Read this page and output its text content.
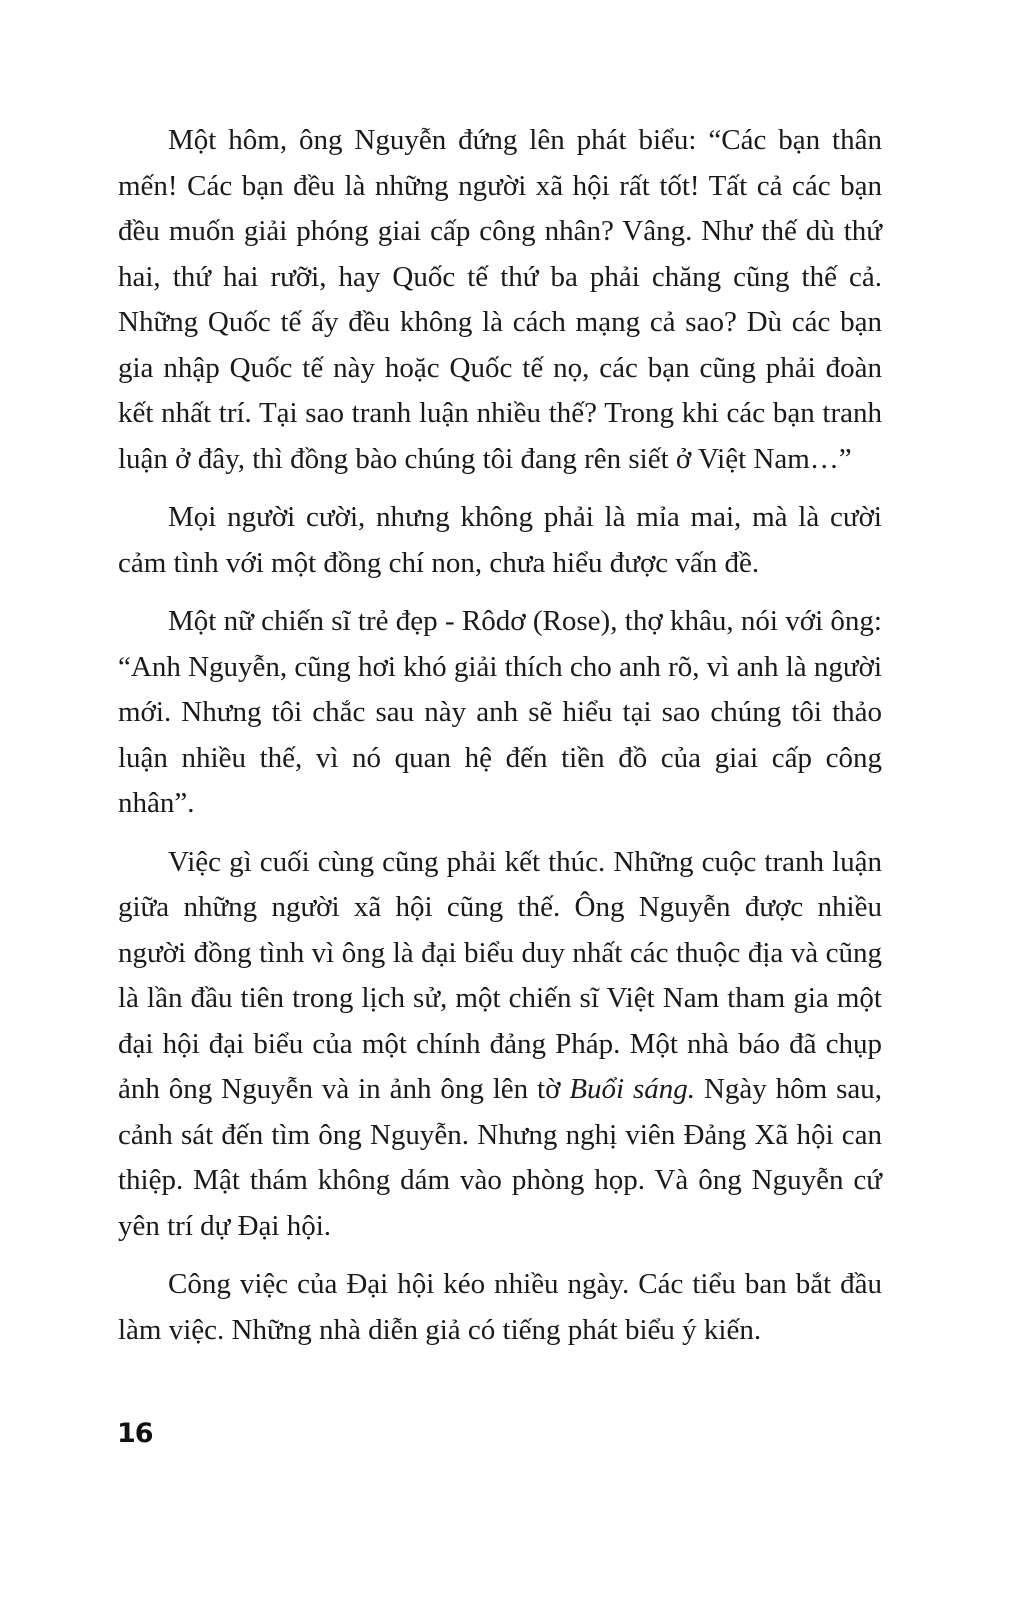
Một hôm, ông Nguyễn đứng lên phát biểu: “Các bạn thân mến! Các bạn đều là những người xã hội rất tốt! Tất cả các bạn đều muốn giải phóng giai cấp công nhân? Vâng. Như thế dù thứ hai, thứ hai rưỡi, hay Quốc tế thứ ba phải chăng cũng thế cả. Những Quốc tế ấy đều không là cách mạng cả sao? Dù các bạn gia nhập Quốc tế này hoặc Quốc tế nọ, các bạn cũng phải đoàn kết nhất trí. Tại sao tranh luận nhiều thế? Trong khi các bạn tranh luận ở đây, thì đồng bào chúng tôi đang rên siết ở Việt Nam…”

Mọi người cười, nhưng không phải là mỉa mai, mà là cười cảm tình với một đồng chí non, chưa hiểu được vấn đề.

Một nữ chiến sĩ trẻ đẹp - Rôdơ (Rose), thợ khâu, nói với ông: “Anh Nguyễn, cũng hơi khó giải thích cho anh rõ, vì anh là người mới. Nhưng tôi chắc sau này anh sẽ hiểu tại sao chúng tôi thảo luận nhiều thế, vì nó quan hệ đến tiền đồ của giai cấp công nhân”.

Việc gì cuối cùng cũng phải kết thúc. Những cuộc tranh luận giữa những người xã hội cũng thế. Ông Nguyễn được nhiều người đồng tình vì ông là đại biểu duy nhất các thuộc địa và cũng là lần đầu tiên trong lịch sử, một chiến sĩ Việt Nam tham gia một đại hội đại biểu của một chính đảng Pháp. Một nhà báo đã chụp ảnh ông Nguyễn và in ảnh ông lên tờ Buổi sáng. Ngày hôm sau, cảnh sát đến tìm ông Nguyễn. Nhưng nghị viên Đảng Xã hội can thiệp. Mật thám không dám vào phòng họp. Và ông Nguyễn cứ yên trí dự Đại hội.

Công việc của Đại hội kéo nhiều ngày. Các tiểu ban bắt đầu làm việc. Những nhà diễn giả có tiếng phát biểu ý kiến.

16
